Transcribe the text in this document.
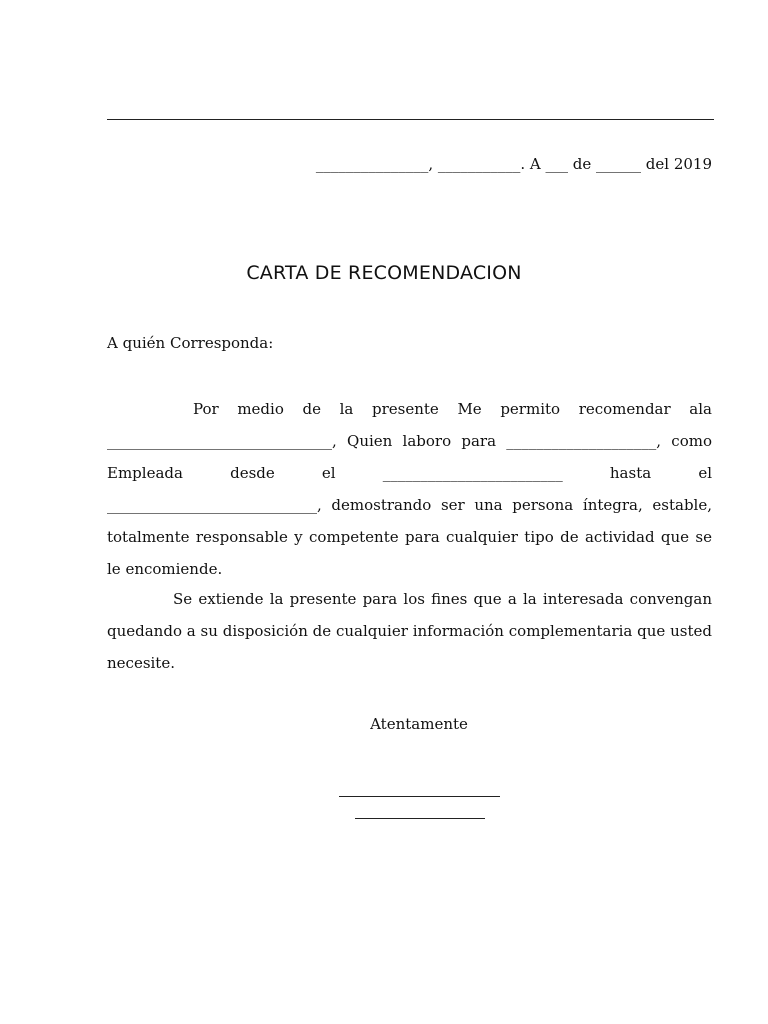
_______________, ___________. A ___ de ______ del 2019
CARTA DE RECOMENDACION
A quién Corresponda:
Por medio de la presente Me permito recomendar ala ______________________________, Quien laboro para ____________________, como Empleada desde el ________________________ hasta el ____________________________, demostrando ser una persona íntegra, estable, totalmente responsable y competente para cualquier tipo de actividad que se le encomiende.
Se extiende la presente para los fines que a la interesada convengan quedando a su disposición de cualquier información complementaria que usted necesite.
Atentamente
